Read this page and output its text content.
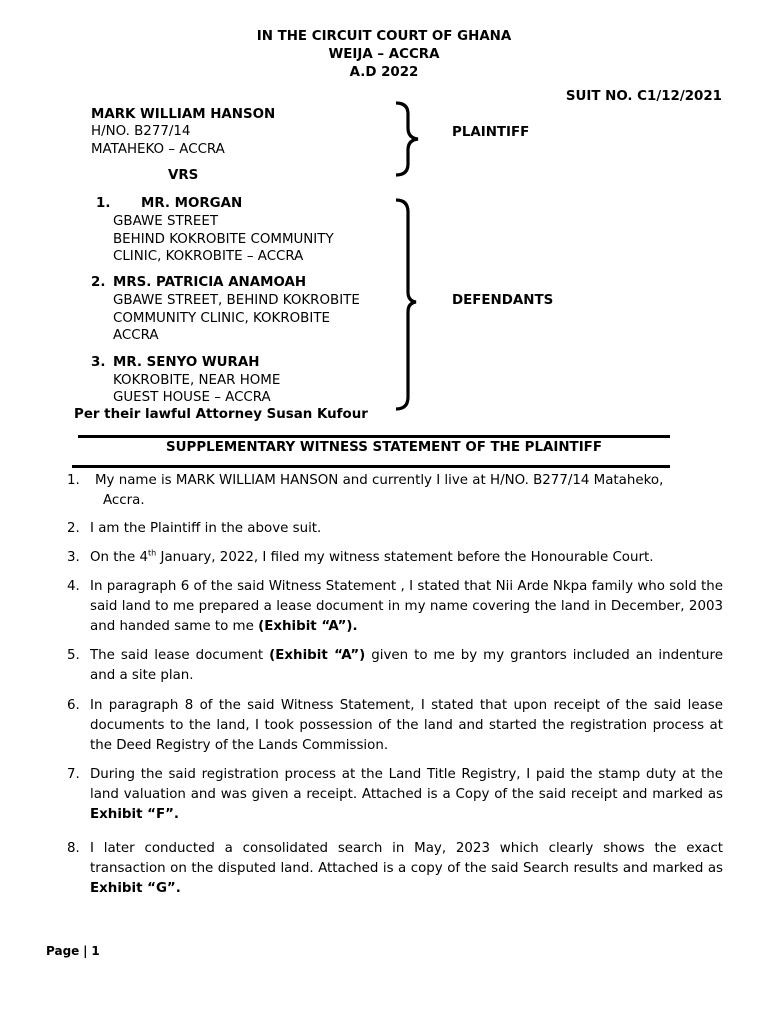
IN THE CIRCUIT COURT OF GHANA
WEIJA – ACCRA
A.D 2022
SUIT NO. C1/12/2021
MARK WILLIAM HANSON
H/NO. B277/14
MATAHEKO – ACCRA
PLAINTIFF
VRS
1. MR. MORGAN
GBAWE STREET
BEHIND KOKROBITE COMMUNITY
CLINIC, KOKROBITE – ACCRA
2. MRS. PATRICIA ANAMOAH
GBAWE STREET, BEHIND KOKROBITE
COMMUNITY CLINIC, KOKROBITE
ACCRA
3. MR. SENYO WURAH
KOKROBITE, NEAR HOME
GUEST HOUSE – ACCRA
Per their lawful Attorney Susan Kufour
DEFENDANTS
SUPPLEMENTARY WITNESS STATEMENT OF THE PLAINTIFF
1. My name is MARK WILLIAM HANSON and currently I live at H/NO. B277/14 Mataheko,
Accra.
2. I am the Plaintiff in the above suit.
3. On the 4th January, 2022, I filed my witness statement before the Honourable Court.
4. In paragraph 6 of the said Witness Statement , I stated that Nii Arde Nkpa family who sold the said land to me prepared a lease document in my name covering the land in December, 2003 and handed same to me (Exhibit “A”).
5. The said lease document (Exhibit “A”) given to me by my grantors included an indenture and a site plan.
6. In paragraph 8 of the said Witness Statement, I stated that upon receipt of the said lease documents to the land, I took possession of the land and started the registration process at the Deed Registry of the Lands Commission.
7. During the said registration process at the Land Title Registry, I paid the stamp duty at the land valuation and was given a receipt. Attached is a Copy of the said receipt and marked as Exhibit “F”.
8. I later conducted a consolidated search in May, 2023 which clearly shows the exact transaction on the disputed land. Attached is a copy of the said Search results and marked as Exhibit “G”.
Page | 1
